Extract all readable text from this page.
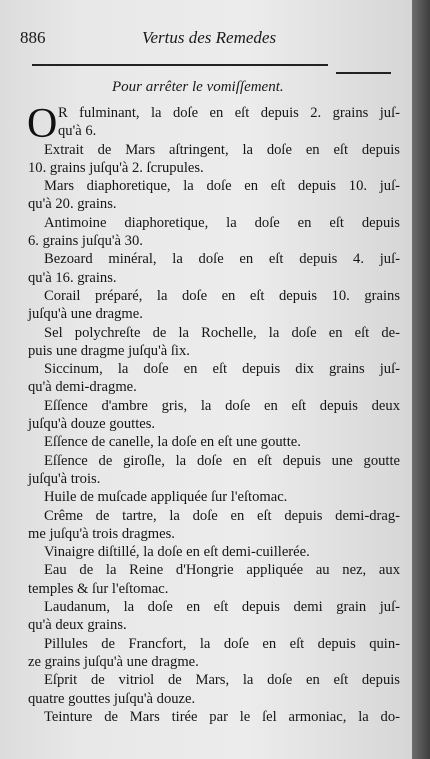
886	Vertus des Remedes
Pour arrêter le vomiſſement.
O R fulminant, la doſe en eſt depuis 2. grains juſ-
qu'à 6.
Extrait de Mars aſtringent, la doſe en eſt depuis
10. grains juſqu'à 2. ſcrupules.
Mars diaphoretique, la doſe en eſt depuis 10. juſ-
qu'à 20. grains.
Antimoine diaphoretique, la doſe en eſt depuis
6. grains juſqu'à 30.
Bezoard minéral, la doſe en eſt depuis 4. juſ-
qu'à 16. grains.
Corail préparé, la doſe en eſt depuis 10. grains
juſqu'à une dragme.
Sel polychreſte de la Rochelle, la doſe en eſt de-
puis une dragme juſqu'à ſix.
Siccinum, la doſe en eſt depuis dix grains juſ-
qu'à demi-dragme.
Eſſence d'ambre gris, la doſe en eſt depuis deux
juſqu'à douze gouttes.
Eſſence de canelle, la doſe en eſt une goutte.
Eſſence de giroſle, la doſe en eſt depuis une goutte
juſqu'à trois.
Huile de muſcade appliquée ſur l'eſtomac.
Crême de tartre, la doſe en eſt depuis demi-drag-
me juſqu'à trois dragmes.
Vinaigre diſtillé, la doſe en eſt demi-cuillerée.
Eau de la Reine d'Hongrie appliquée au nez, aux
temples & ſur l'eſtomac.
Laudanum, la doſe en eſt depuis demi grain juſ-
qu'à deux grains.
Pillules de Francfort, la doſe en eſt depuis quin-
ze grains juſqu'à une dragme.
Eſprit de vitriol de Mars, la doſe en eſt depuis
quatre gouttes juſqu'à douze.
Teinture de Mars tirée par le ſel armoniac, la do-
